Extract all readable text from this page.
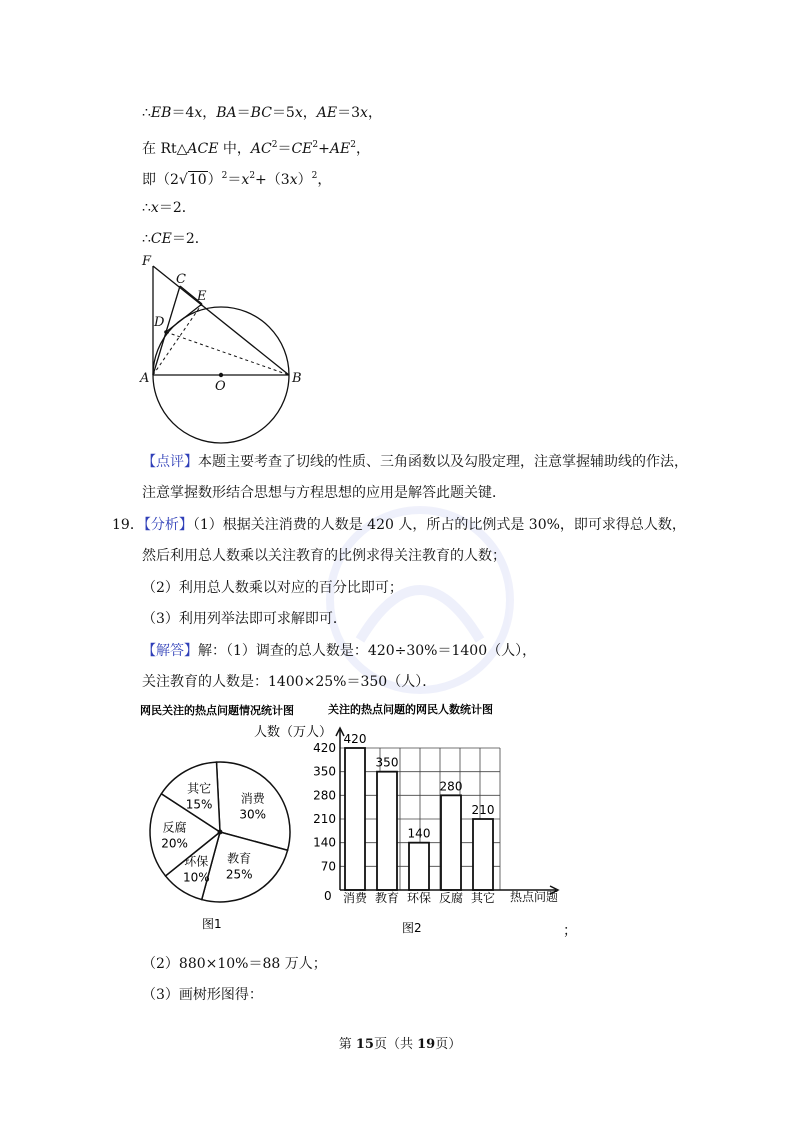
∴EB＝4x，BA＝BC＝5x，AE＝3x，
在 Rt△ACE 中，$AC^2=CE^2+AE^2$，
即$(2√10)^2=x^2+(3x)^2$，
∴x＝2．
∴CE＝2．
F
C
E
D
A
O
B
【点评】本题主要考查了切线的性质、三角函数以及勾股定理，注意掌握辅助线的作法，
注意掌握数形结合思想与方程思想的应用是解答此题关键．
19．【分析】（1）根据关注消费的人数是 420 人，所占的比例式是 30%，即可求得总人数，
然后利用总人数乘以关注教育的比例求得关注教育的人数；
（2）利用总人数乘以对应的百分比即可；
（3）利用列举法即可求解即可．
【解答】解：（1）调查的总人数是：420÷30%＝1400（人），
关注教育的人数是：1400×25%＝350（人）．
网民关注的热点问题情况统计图
消费
30%
教育
25%
环保
10%
反腐
20%
其它
15%
图1
关注的热点问题的网民人数统计图
人数（万人） 420
350
140
280
210
70
140
210
280
350
420
消费 教育 环保 反腐 其它 热点问题
0
图2	；
（2）880×10%＝88 万人；
（3）画树形图得：
第 15页（共 19页）
